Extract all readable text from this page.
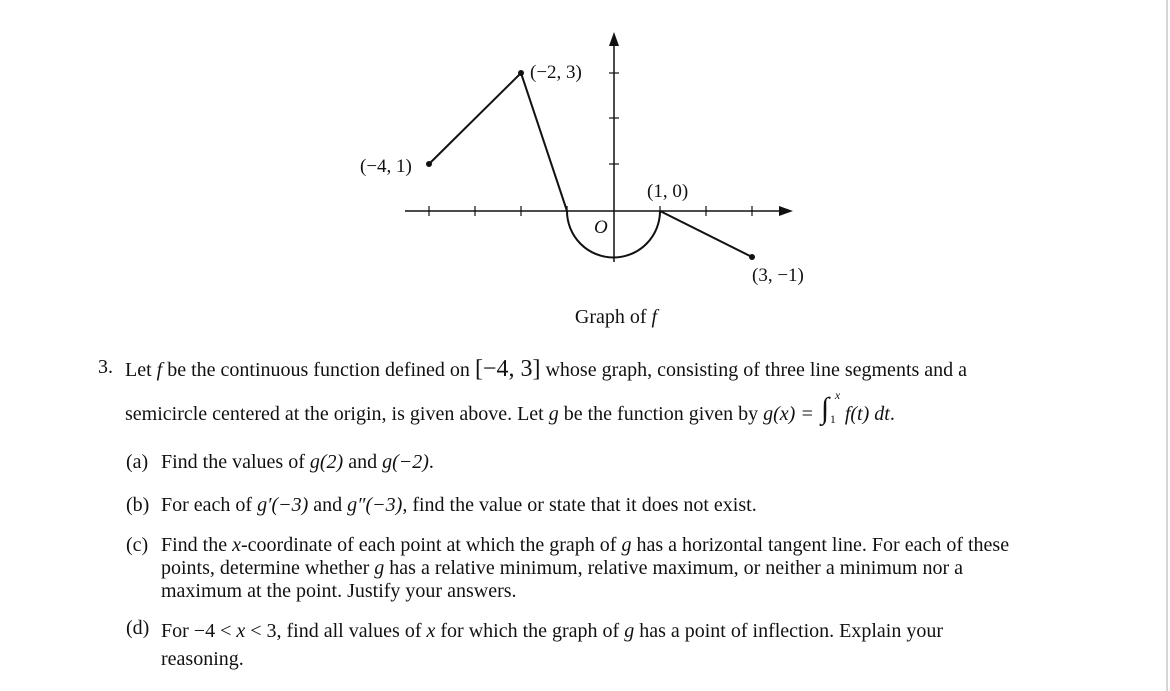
(−4, 1)
(−2, 3)
(1, 0)
(3, −1)
O
Graph of f
3. Let f be the continuous function defined on [−4, 3] whose graph, consisting of three line segments and a
semicircle centered at the origin, is given above. Let g be the function given by g(x) = ∫ x
1 f(t) dt.
(a) Find the values of g(2) and g(−2).
(b) For each of g′(−3) and g″(−3), find the value or state that it does not exist.
(c) Find the x-coordinate of each point at which the graph of g has a horizontal tangent line. For each of these
points, determine whether g has a relative minimum, relative maximum, or neither a minimum nor a
maximum at the point. Justify your answers.
(d) For −4 < x < 3, find all values of x for which the graph of g has a point of inflection. Explain your
reasoning.
